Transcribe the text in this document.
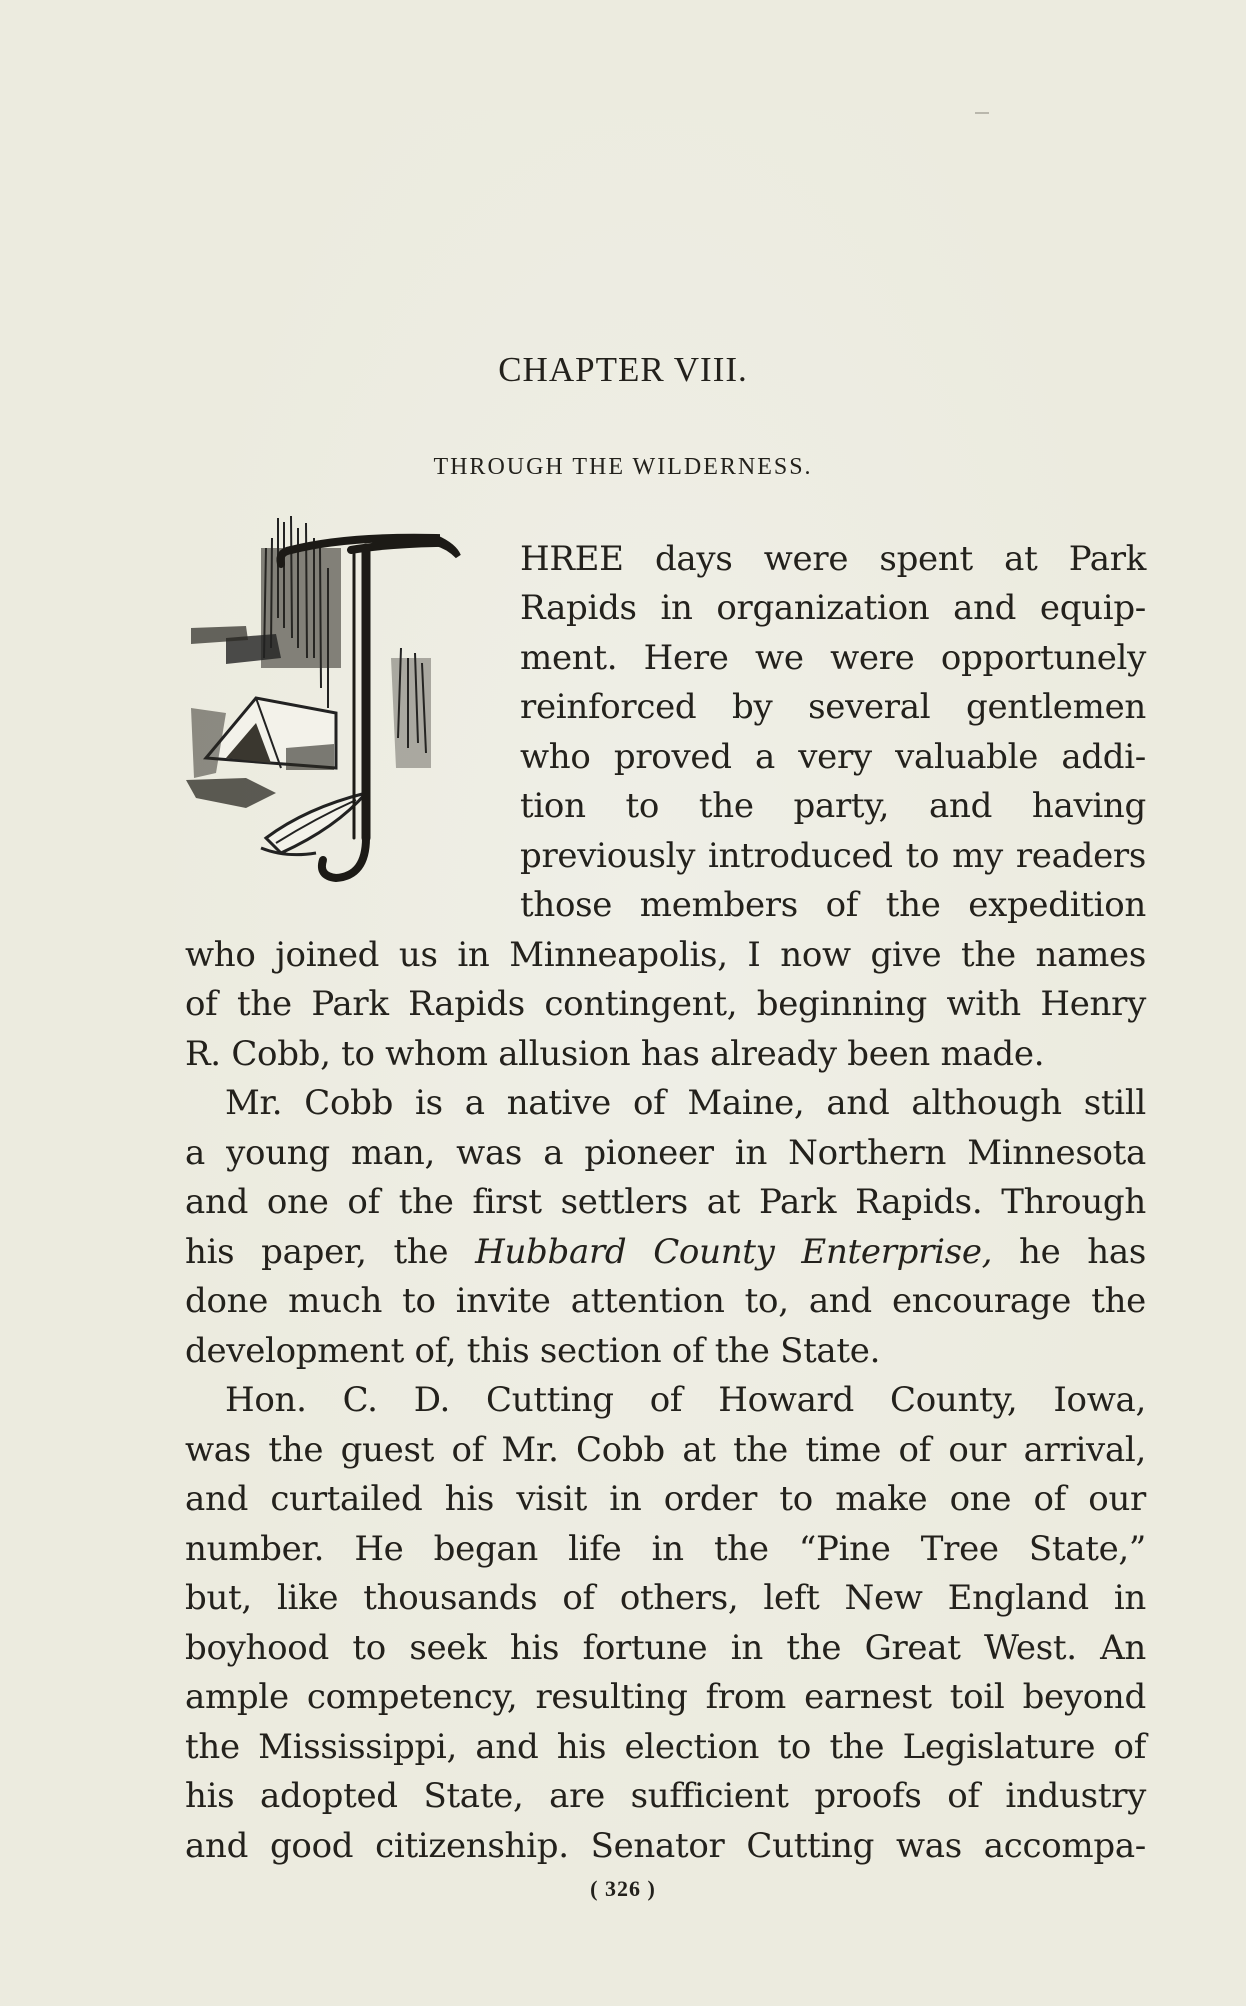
CHAPTER VIII.
THROUGH THE WILDERNESS.

HREE days were spent at Park

Rapids in organization and equip-

ment. Here we were opportunely

reinforced by several gentlemen

who proved a very valuable addi-

tion to the party, and having

previously introduced to my readers

those members of the expedition

who joined us in Minneapolis, I now give the names

of the Park Rapids contingent, beginning with Henry

R. Cobb, to whom allusion has already been made.

Mr. Cobb is a native of Maine, and although still

a young man, was a pioneer in Northern Minnesota

and one of the first settlers at Park Rapids. Through

his paper, the Hubbard County Enterprise, he has

done much to invite attention to, and encourage the

development of, this section of the State.

Hon. C. D. Cutting of Howard County, Iowa,

was the guest of Mr. Cobb at the time of our arrival,

and curtailed his visit in order to make one of our

number. He began life in the “Pine Tree State,”

but, like thousands of others, left New England in

boyhood to seek his fortune in the Great West. An

ample competency, resulting from earnest toil beyond

the Mississippi, and his election to the Legislature of

his adopted State, are sufficient proofs of industry

and good citizenship. Senator Cutting was accompa-

( 326 )
